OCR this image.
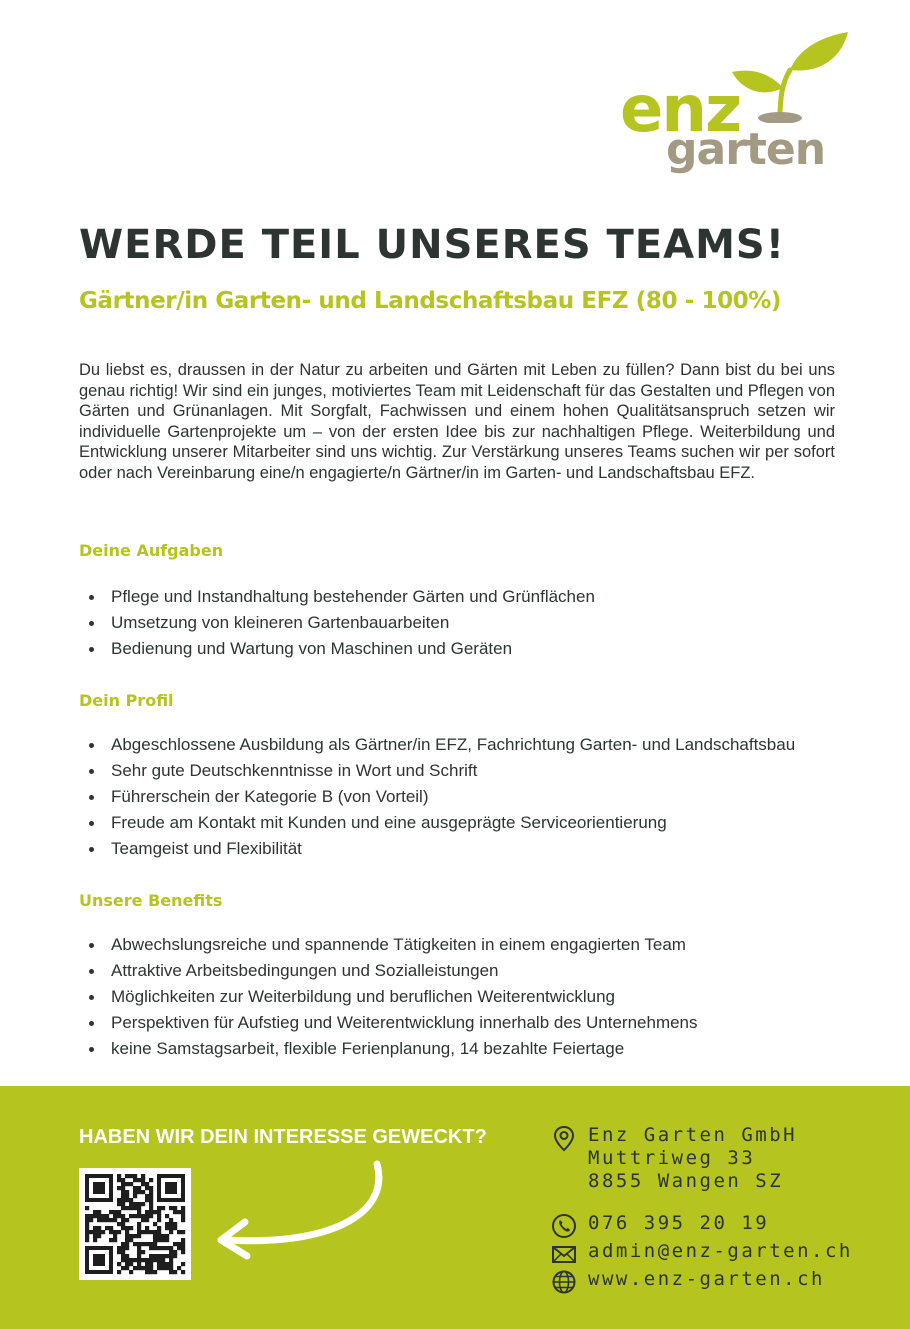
enz
garten
WERDE TEIL UNSERES TEAMS!
Gärtner/in Garten- und Landschaftsbau EFZ (80 - 100%)

Du liebst es, draussen in der Natur zu arbeiten und Gärten mit Leben zu füllen? Dann bist du bei uns genau richtig! Wir sind ein junges, motiviertes Team mit Leidenschaft für das Gestalten und Pflegen von Gärten und Grünanlagen. Mit Sorgfalt, Fachwissen und einem hohen Qualitätsanspruch setzen wir individuelle Gartenprojekte um – von der ersten Idee bis zur nachhaltigen Pflege. Weiterbildung und Entwicklung unserer Mitarbeiter sind uns wichtig. Zur Verstärkung unseres Teams suchen wir per sofort oder nach Vereinbarung eine/n engagierte/n Gärtner/in im Garten- und Landschaftsbau EFZ.

Deine Aufgaben
Pflege und Instandhaltung bestehender Gärten und Grünflächen
Umsetzung von kleineren Gartenbauarbeiten
Bedienung und Wartung von Maschinen und Geräten
Dein Profil
Abgeschlossene Ausbildung als Gärtner/in EFZ, Fachrichtung Garten- und Landschaftsbau
Sehr gute Deutschkenntnisse in Wort und Schrift
Führerschein der Kategorie B (von Vorteil)
Freude am Kontakt mit Kunden und eine ausgeprägte Serviceorientierung
Teamgeist und Flexibilität
Unsere Benefits
Abwechslungsreiche und spannende Tätigkeiten in einem engagierten Team
Attraktive Arbeitsbedingungen und Sozialleistungen
Möglichkeiten zur Weiterbildung und beruflichen Weiterentwicklung
Perspektiven für Aufstieg und Weiterentwicklung innerhalb des Unternehmens
keine Samstagsarbeit, flexible Ferienplanung, 14 bezahlte Feiertage
HABEN WIR DEIN INTERESSE GEWECKT?	Enz Garten GmbH
Muttriweg 33
8855 Wangen SZ
076 395 20 19
admin@enz-garten.ch
www.enz-garten.ch
